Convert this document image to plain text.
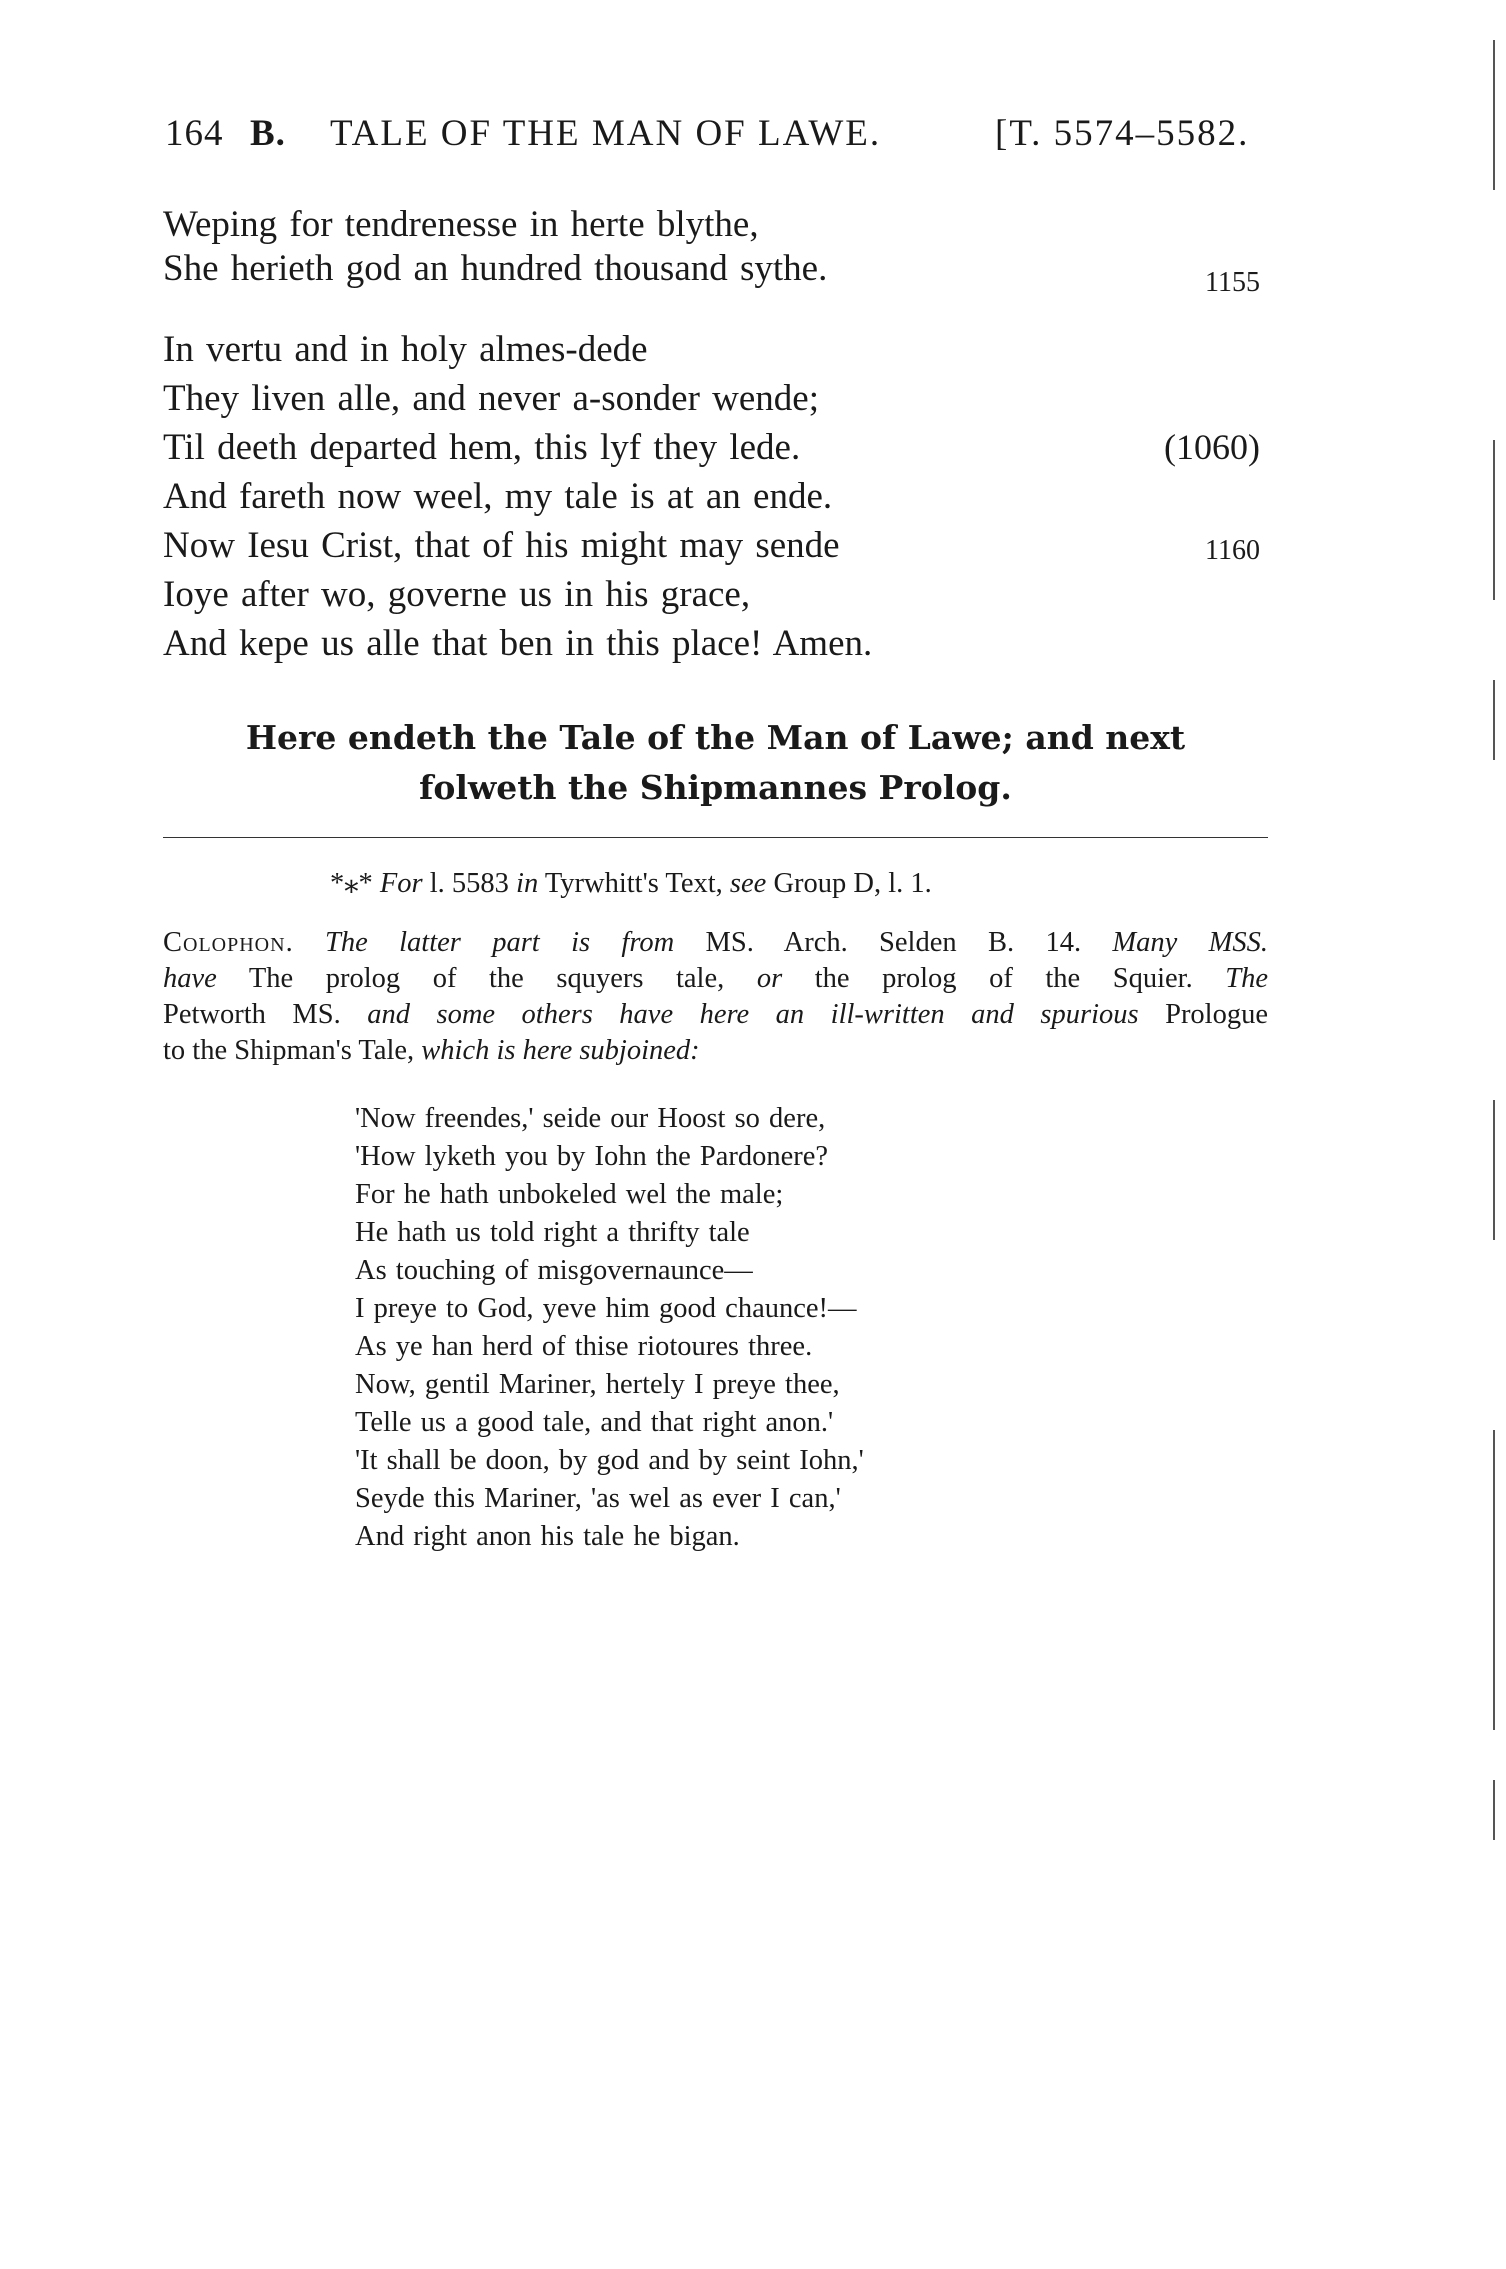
164 B. TALE OF THE MAN OF LAWE.	[T. 5574–5582.
Weping for tendrenesse in herte blythe,
She herieth god an hundred thousand sythe.	1155
In vertu and in holy almes-dede
They liven alle, and never a-sonder wende;
Til deeth departed hem, this lyf they lede.	(1060)
And fareth now weel, my tale is at an ende.
Now Iesu Crist, that of his might may sende	1160
Ioye after wo, governe us in his grace,
And kepe us alle that ben in this place! Amen.
Here endeth the Tale of the Man of Lawe; and next
folweth the Shipmannes Prolog.
*⁎* For l. 5583 in Tyrwhitt's Text, see Group D, l. 1.
Colophon. The latter part is from MS. Arch. Selden B. 14. Many MSS.
have The prolog of the squyers tale, or the prolog of the Squier. The
Petworth MS. and some others have here an ill-written and spurious Prologue
to the Shipman's Tale, which is here subjoined:
'Now freendes,' seide our Hoost so dere,
'How lyketh you by Iohn the Pardonere?
For he hath unbokeled wel the male;
He hath us told right a thrifty tale
As touching of misgovernaunce—
I preye to God, yeve him good chaunce!—
As ye han herd of thise riotoures three.
Now, gentil Mariner, hertely I preye thee,
Telle us a good tale, and that right anon.'
'It shall be doon, by god and by seint Iohn,'
Seyde this Mariner, 'as wel as ever I can,'
And right anon his tale he bigan.
